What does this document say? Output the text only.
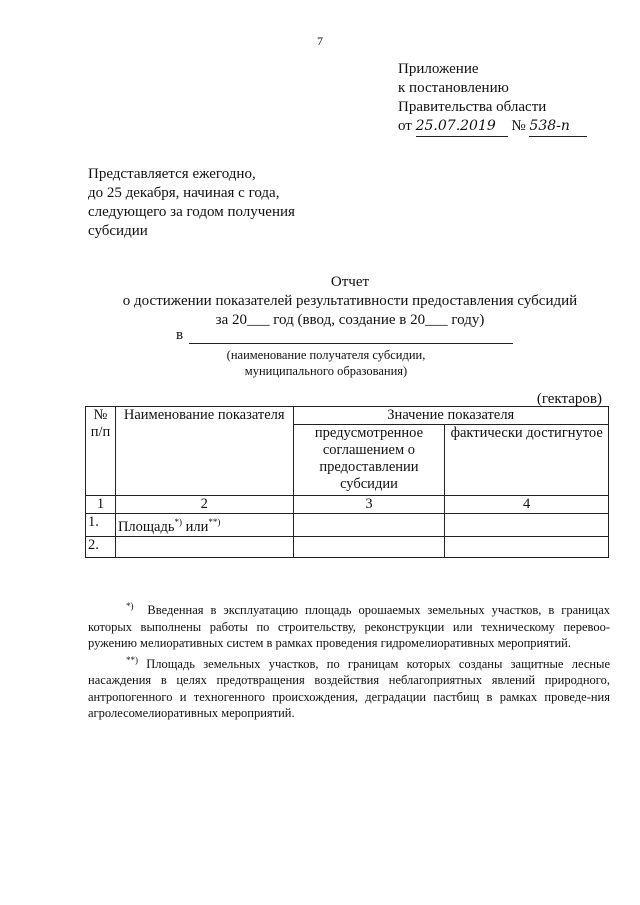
7
Приложение
к постановлению
Правительства области
от 25.07.2019 № 538-п
Представляется ежегодно,
до 25 декабря, начиная с года,
следующего за годом получения
субсидии
Отчет
о достижении показателей результативности предоставления субсидий
за 20___ год (ввод, создание в 20___ году)
в
(наименование получателя субсидии,
муниципального образования)
(гектаров)
№ п/п	Наименование показателя	Значение показателя	
		предусмотренное соглашением о предоставлении субсидии	фактически достигнутое
1	2	3	4
1.	Площадь*) или**)		
2.			

*) Введенная в эксплуатацию площадь орошаемых земельных участков, в границах которых выполнены работы по строительству, реконструкции или техническому перевоо-ружению мелиоративных систем в рамках проведения гидромелиоративных мероприятий.

**) Площадь земельных участков, по границам которых созданы защитные лесные насаждения в целях предотвращения воздействия неблагоприятных явлений природного, антропогенного и техногенного происхождения, деградации пастбищ в рамках проведе-ния агролесомелиоративных мероприятий.
